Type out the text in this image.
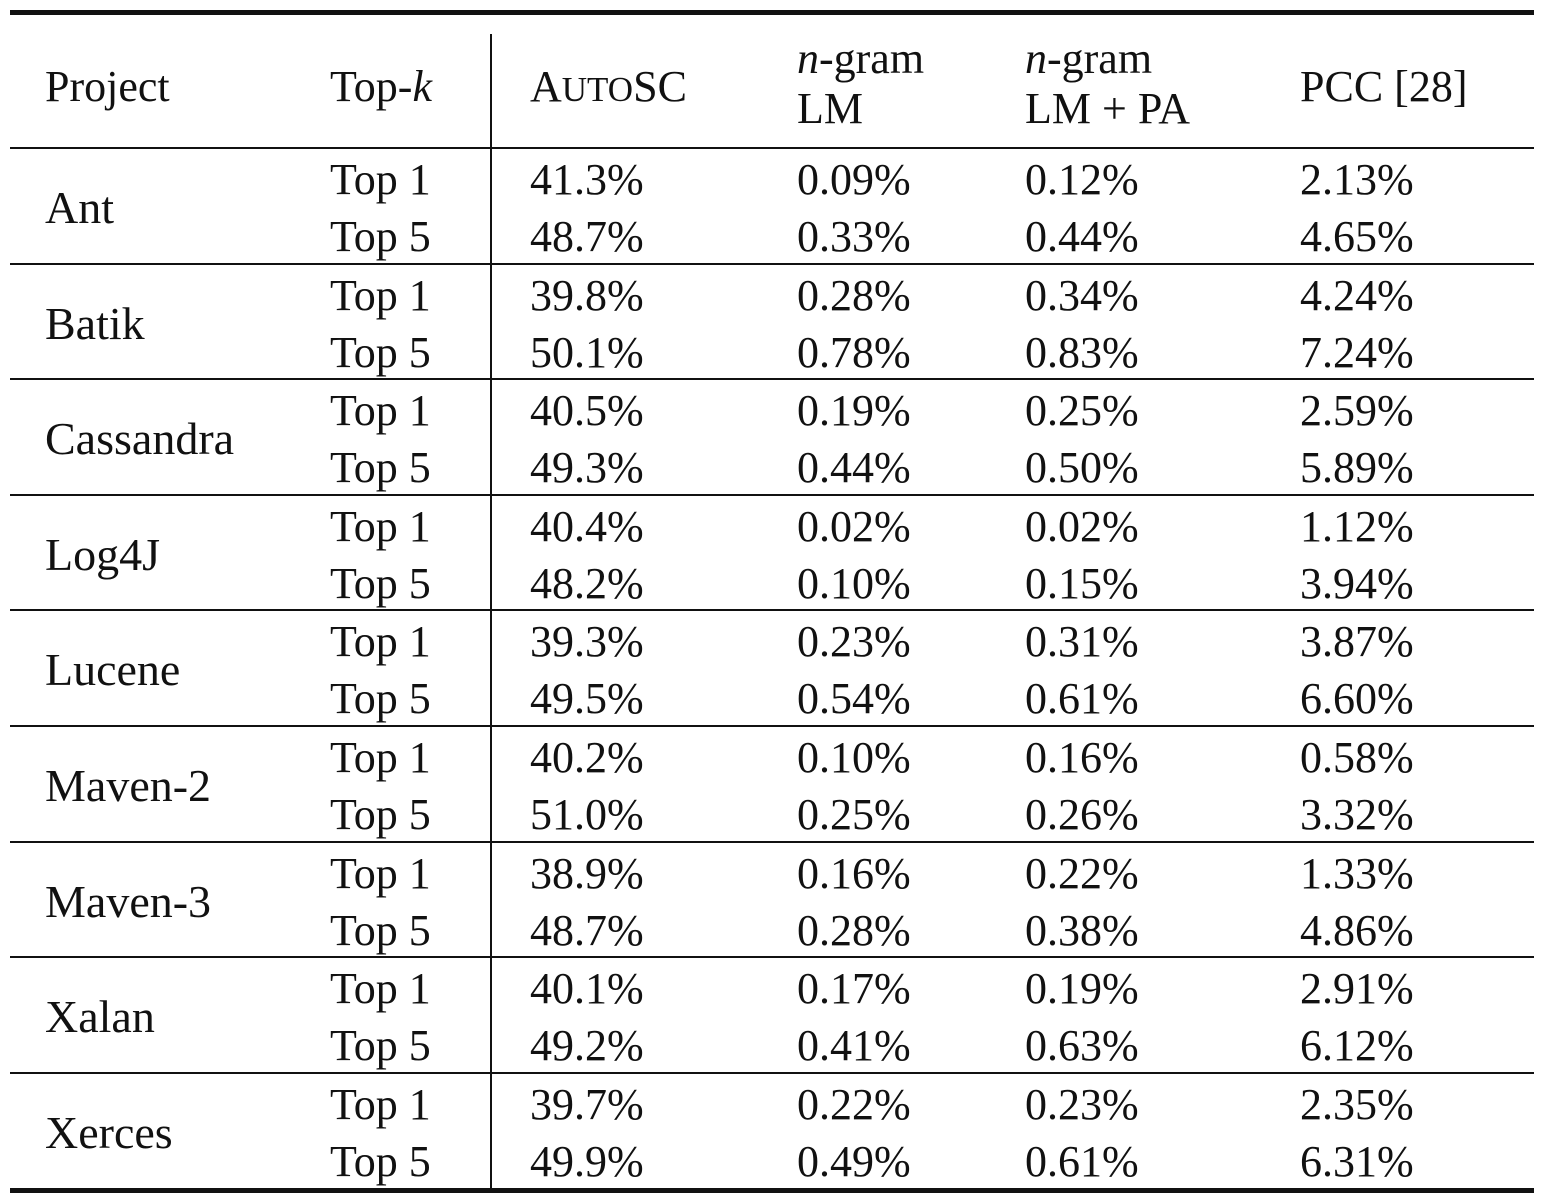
Project	Top-k AUTOSC
n-gram
LM
n-gram
LM + PA PCC [28]
Ant
Top 1
Top 5
41.3%
48.7%
0.09%
0.33%
0.12%
0.44%
2.13%
4.65%
Batik
Top 1
Top 5
39.8%
50.1%
0.28%
0.78%
0.34%
0.83%
4.24%
7.24%
Cassandra
Top 1
Top 5
40.5%
49.3%
0.19%
0.44%
0.25%
0.50%
2.59%
5.89%
Log4J
Top 1
Top 5
40.4%
48.2%
0.02%
0.10%
0.02%
0.15%
1.12%
3.94%
Lucene
Top 1
Top 5
39.3%
49.5%
0.23%
0.54%
0.31%
0.61%
3.87%
6.60%
Maven-2
Top 1
Top 5
40.2%
51.0%
0.10%
0.25%
0.16%
0.26%
0.58%
3.32%
Maven-3
Top 1
Top 5
38.9%
48.7%
0.16%
0.28%
0.22%
0.38%
1.33%
4.86%
Xalan
Top 1
Top 5
40.1%
49.2%
0.17%
0.41%
0.19%
0.63%
2.91%
6.12%
Xerces
Top 1
Top 5
39.7%
49.9%
0.22%
0.49%
0.23%
0.61%
2.35%
6.31%
